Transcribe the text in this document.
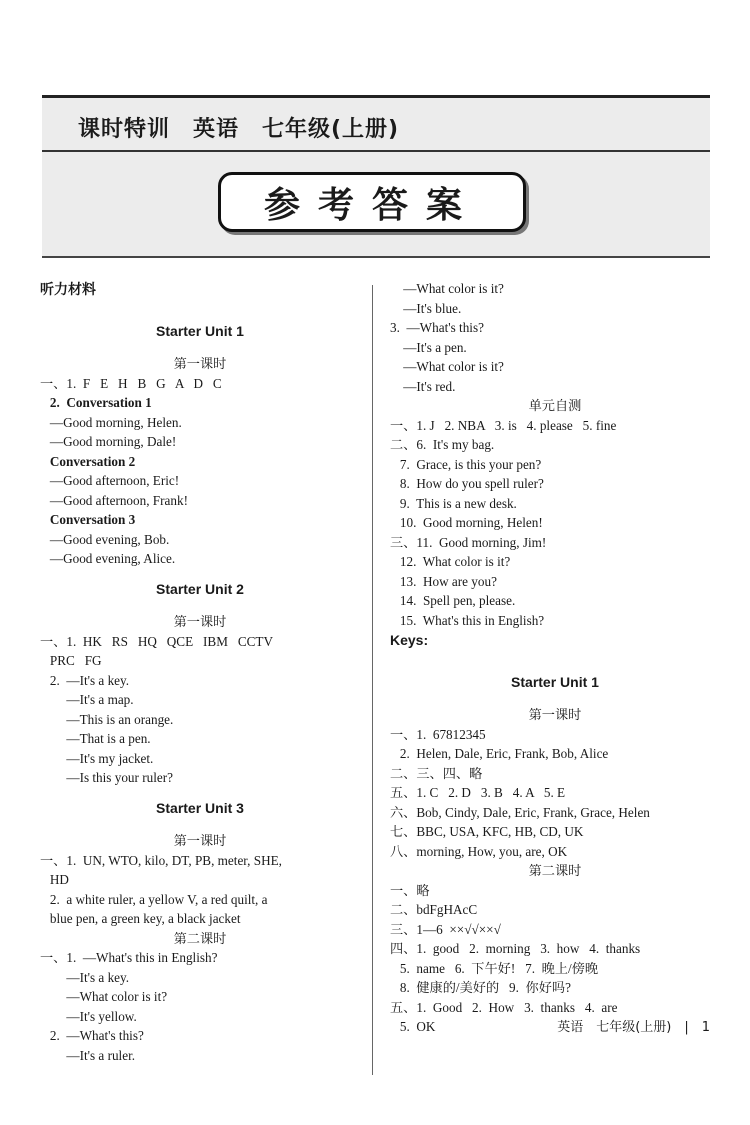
课时特训　英语　七年级(上册)
参考答案
听力材料
Starter Unit 1
第一课时
一、1.  F   E   H   B   G   A   D   C
2.  Conversation 1
—Good morning, Helen.
—Good morning, Dale!
Conversation 2
—Good afternoon, Eric!
—Good afternoon, Frank!
Conversation 3
—Good evening, Bob.
—Good evening, Alice.
Starter Unit 2
第一课时
一、1.  HK   RS   HQ   QCE   IBM   CCTV
PRC   FG
2.  —It's a key.
—It's a map.
—This is an orange.
—That is a pen.
—It's my jacket.
—Is this your ruler?
Starter Unit 3
第一课时
一、1.  UN, WTO, kilo, DT, PB, meter, SHE,
HD
2.  a white ruler, a yellow V, a red quilt, a
blue pen, a green key, a black jacket
第二课时
一、1.  —What's this in English?
—It's a key.
—What color is it?
—It's yellow.
2.  —What's this?
—It's a ruler.
—What color is it?
—It's blue.
3.  —What's this?
—It's a pen.
—What color is it?
—It's red.
单元自测
一、1. J   2. NBA   3. is   4. please   5. fine
二、6.  It's my bag.
7.  Grace, is this your pen?
8.  How do you spell ruler?
9.  This is a new desk.
10.  Good morning, Helen!
三、11.  Good morning, Jim!
12.  What color is it?
13.  How are you?
14.  Spell pen, please.
15.  What's this in English?
Keys:
Starter Unit 1
第一课时
一、1.  67812345
2.  Helen, Dale, Eric, Frank, Bob, Alice
二、三、四、略
五、1. C   2. D   3. B   4. A   5. E
六、Bob, Cindy, Dale, Eric, Frank, Grace, Helen
七、BBC, USA, KFC, HB, CD, UK
八、morning, How, you, are, OK
第二课时
一、略
二、bdFgHAcC
三、1—6  ××√√××√
四、1.  good   2.  morning   3.  how   4.  thanks
5.  name   6.  下午好!   7.  晚上/傍晚
8.  健康的/美好的   9.  你好吗?
五、1.  Good   2.  How   3.  thanks   4.  are
5.  OK	英语　七年级(上册)　|　1
